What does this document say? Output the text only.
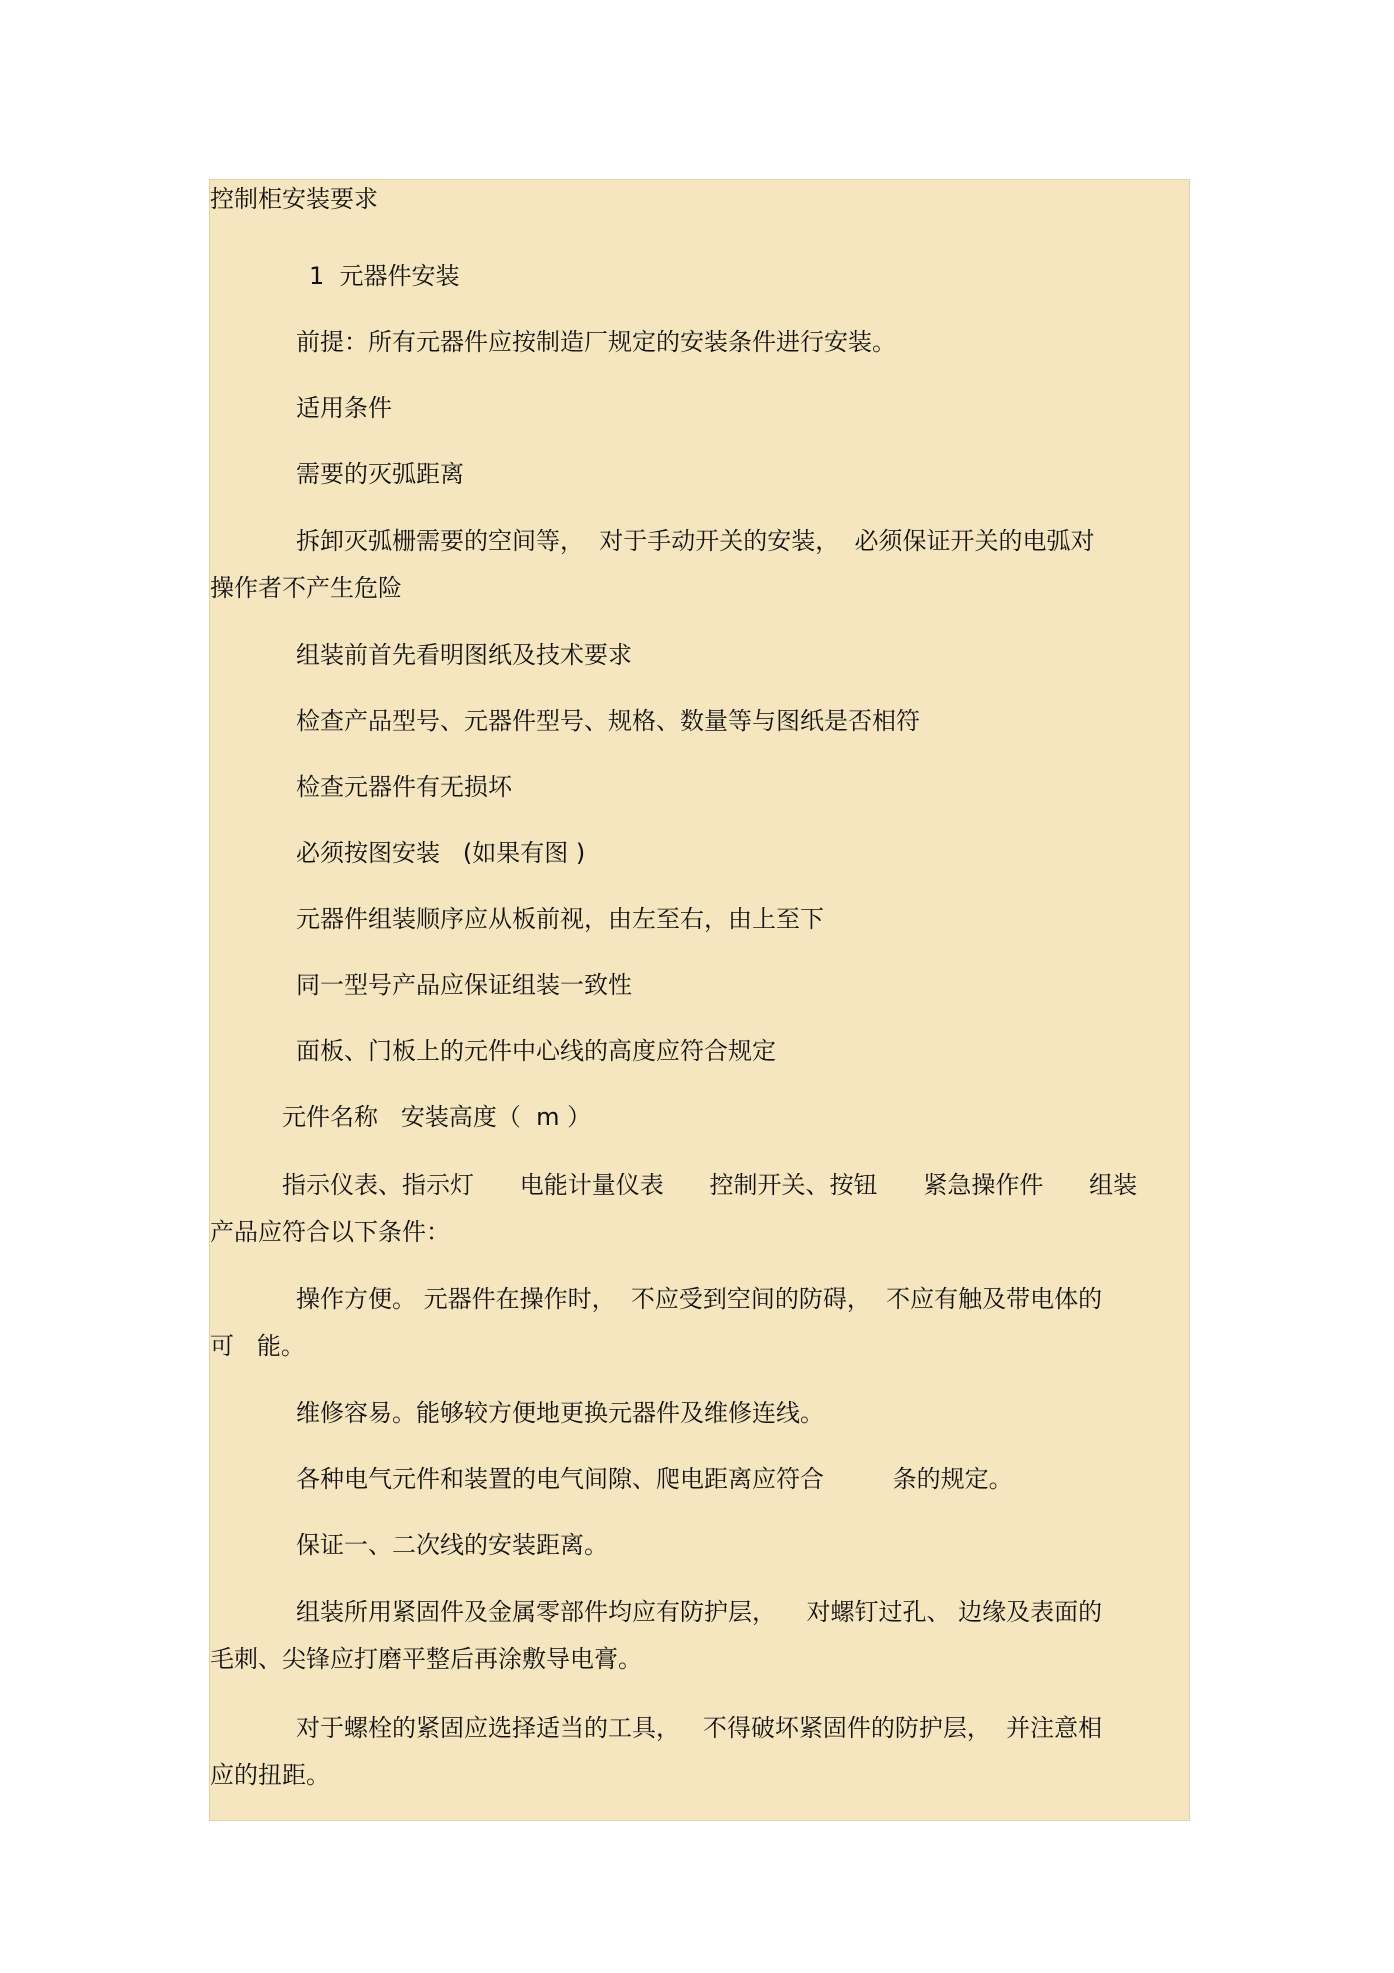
控制柜安装要求

1  元器件安装

前提：所有元器件应按制造厂规定的安装条件进行安装。

适用条件

需要的灭弧距离

拆卸灭弧栅需要的空间等，  对于手动开关的安装，  必须保证开关的电弧对

操作者不产生危险

组装前首先看明图纸及技术要求

检查产品型号、元器件型号、规格、数量等与图纸是否相符

检查元器件有无损坏

必须按图安装   (如果有图 )

元器件组装顺序应从板前视，由左至右，由上至下

同一型号产品应保证组装一致性

面板、门板上的元件中心线的高度应符合规定

元件名称   安装高度（  m ）

指示仪表、指示灯      电能计量仪表      控制开关、按钮      紧急操作件      组装

产品应符合以下条件：

操作方便。 元器件在操作时，  不应受到空间的防碍，  不应有触及带电体的

可   能。

维修容易。能够较方便地更换元器件及维修连线。

各种电气元件和装置的电气间隙、爬电距离应符合         条的规定。

保证一、二次线的安装距离。

组装所用紧固件及金属零部件均应有防护层，    对螺钉过孔、 边缘及表面的

毛刺、尖锋应打磨平整后再涂敷导电膏。

对于螺栓的紧固应选择适当的工具，   不得破坏紧固件的防护层，  并注意相

应的扭距。
